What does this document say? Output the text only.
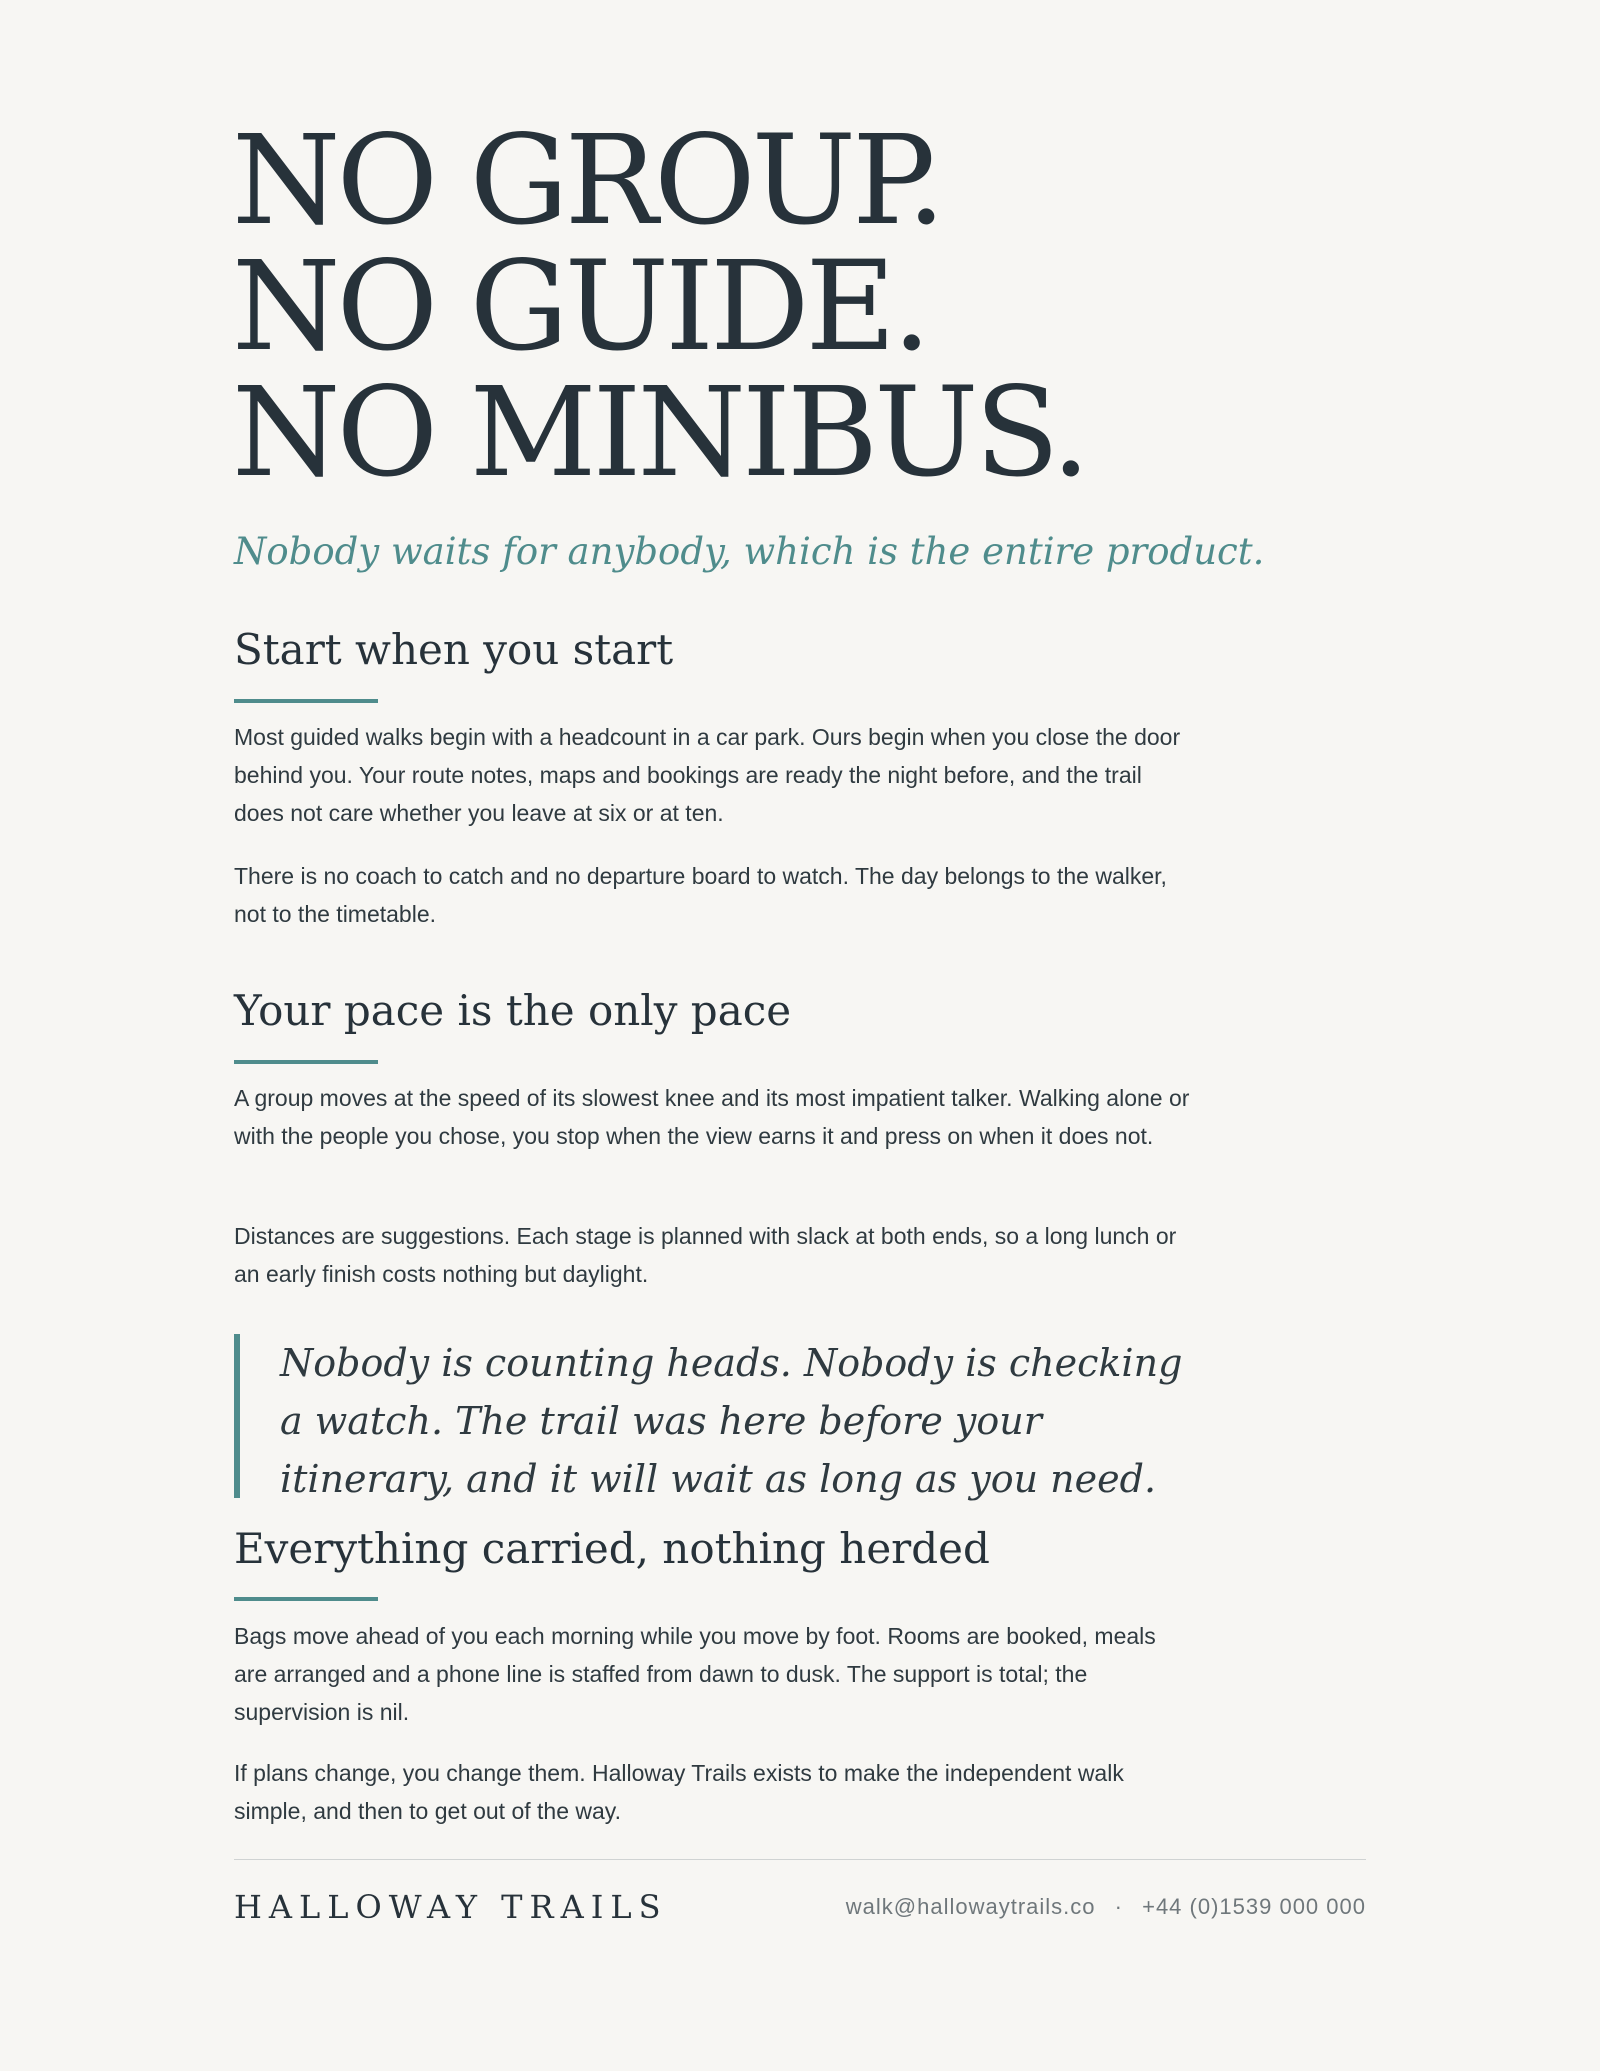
NO GROUP.
NO GUIDE.
NO MINIBUS.

Nobody waits for anybody, which is the entire product.

Start when you start

Most guided walks begin with a headcount in a car park. Ours begin when you close the door behind you. Your route notes, maps and bookings are ready the night before, and the trail does not care whether you leave at six or at ten.

There is no coach to catch and no departure board to watch. The day belongs to the walker, not to the timetable.

Your pace is the only pace

A group moves at the speed of its slowest knee and its most impatient talker. Walking alone or with the people you chose, you stop when the view earns it and press on when it does not.

Distances are suggestions. Each stage is planned with slack at both ends, so a long lunch or an early finish costs nothing but daylight.

Nobody is counting heads. Nobody is checking a watch. The trail was here before your itinerary, and it will wait as long as you need.
Everything carried, nothing herded

Bags move ahead of you each morning while you move by foot. Rooms are booked, meals are arranged and a phone line is staffed from dawn to dusk. The support is total; the supervision is nil.

If plans change, you change them. Halloway Trails exists to make the independent walk simple, and then to get out of the way.

HALLOWAY TRAILS	walk@hallowaytrails.co · +44 (0)1539 000 000
